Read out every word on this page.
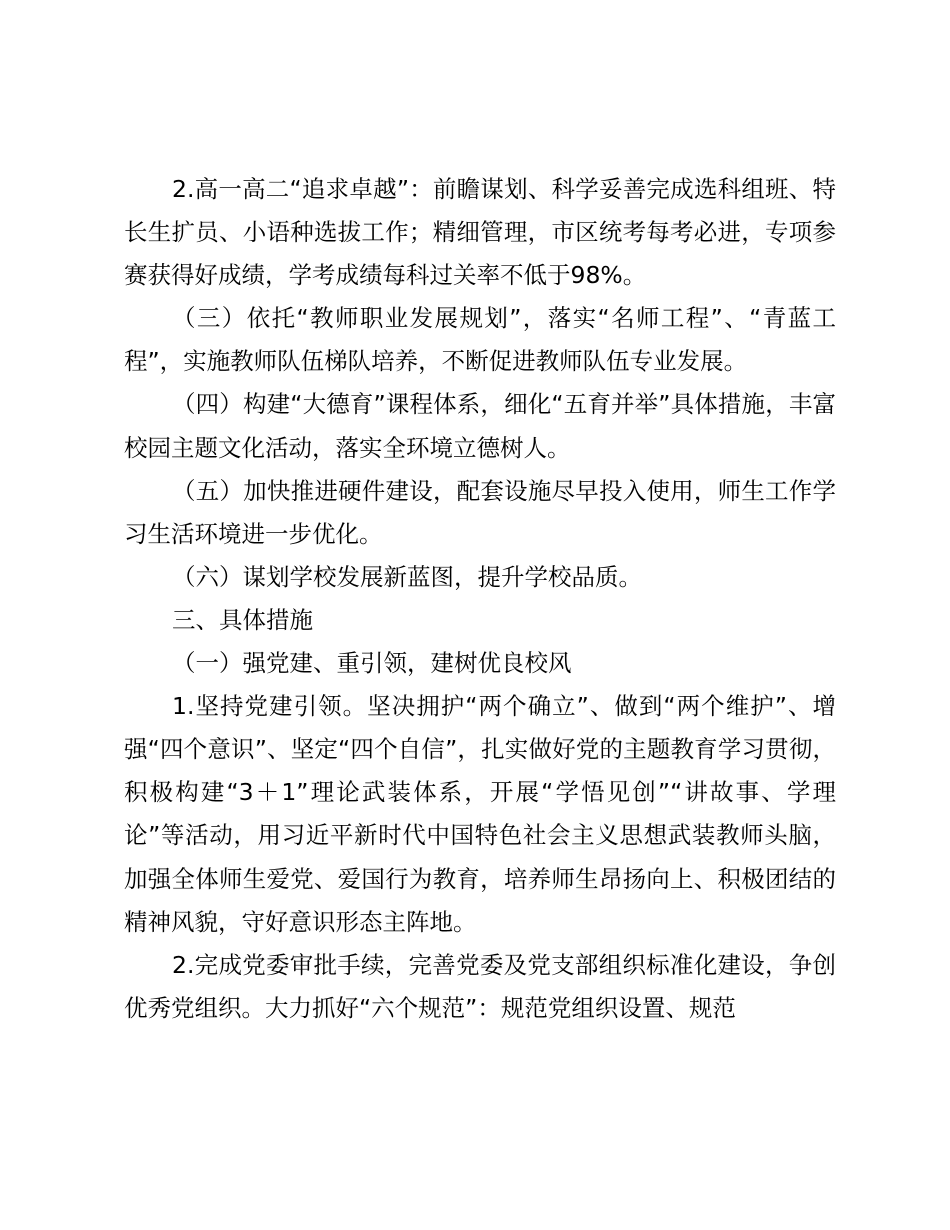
2.高一高二“追求卓越”：前瞻谋划、科学妥善完成选科组班、特长生扩员、小语种选拔工作；精细管理，市区统考每考必进，专项参赛获得好成绩，学考成绩每科过关率不低于98%。

（三）依托“教师职业发展规划”，落实“名师工程”、“青蓝工程”，实施教师队伍梯队培养，不断促进教师队伍专业发展。

（四）构建“大德育”课程体系，细化“五育并举”具体措施，丰富校园主题文化活动，落实全环境立德树人。

（五）加快推进硬件建设，配套设施尽早投入使用，师生工作学习生活环境进一步优化。

（六）谋划学校发展新蓝图，提升学校品质。

三、具体措施

（一）强党建、重引领，建树优良校风

1.坚持党建引领。坚决拥护“两个确立”、做到“两个维护”、增强“四个意识”、坚定“四个自信”，扎实做好党的主题教育学习贯彻，积极构建“3＋1”理论武装体系，开展“学悟见创”“讲故事、学理论”等活动，用习近平新时代中国特色社会主义思想武装教师头脑，加强全体师生爱党、爱国行为教育，培养师生昂扬向上、积极团结的精神风貌，守好意识形态主阵地。

2.完成党委审批手续，完善党委及党支部组织标准化建设，争创优秀党组织。大力抓好“六个规范”：规范党组织设置、规范
